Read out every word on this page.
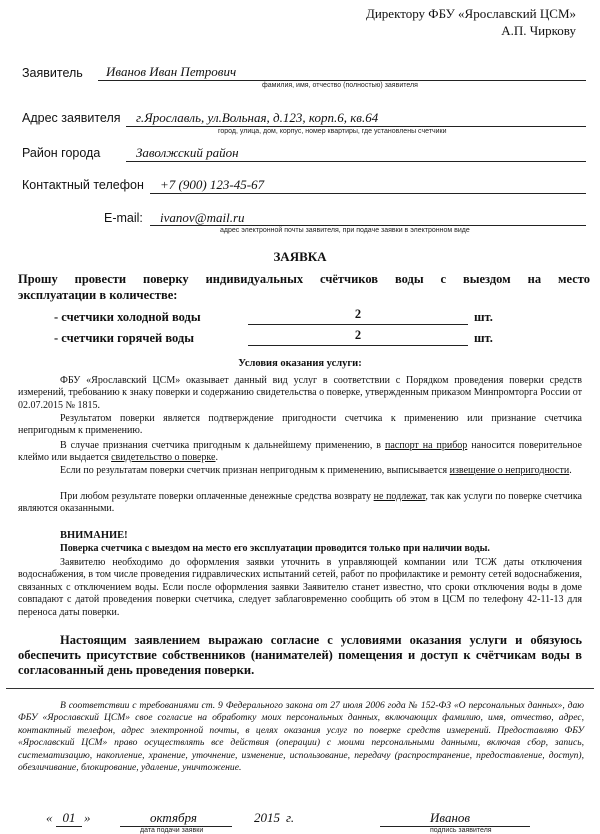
Директору ФБУ «Ярославский ЦСМ»
А.П. Чиркову
Заявитель Иванов Иван Петрович
фамилия, имя, отчество (полностью) заявителя
Адрес заявителя г.Ярославль, ул.Вольная, д.123, корп.6, кв.64
город, улица, дом, корпус, номер квартиры, где установлены счетчики
Район города	Заволжский район
Контактный телефон +7 (900) 123-45-67
E-mail: ivanov@mail.ru
адрес электронной почты заявителя, при подаче заявки в электронном виде
ЗАЯВКА
Прошу провести поверку индивидуальных счётчиков воды с выездом на место
эксплуатации в количестве:
- счетчики холодной воды	2	шт.
- счетчики горячей воды	2	шт.
Условия оказания услуги:
ФБУ «Ярославский ЦСМ» оказывает данный вид услуг в соответствии с Порядком проведения поверки средств измерений, требованию к знаку поверки и содержанию свидетельства о поверке, утвержденным приказом Минпромторга России от 02.07.2015 № 1815.
Результатом поверки является подтверждение пригодности счетчика к применению или признание счетчика непригодным к применению.
В случае признания счетчика пригодным к дальнейшему применению, в паспорт на прибор наносится поверительное клеймо или выдается свидетельство о поверке.
Если по результатам поверки счетчик признан непригодным к применению, выписывается извещение о непригодности.
При любом результате поверки оплаченные денежные средства возврату не подлежат, так как услуги по поверке счетчика являются оказанными.
ВНИМАНИЕ!
Поверка счетчика с выездом на место его эксплуатации проводится только при наличии воды.
Заявителю необходимо до оформления заявки уточнить в управляющей компании или ТСЖ даты отключения водоснабжения, в том числе проведения гидравлических испытаний сетей, работ по профилактике и ремонту сетей водоснабжения, связанных с отключением воды. Если после оформления заявки Заявителю станет известно, что сроки отключения воды в доме совпадают с датой проведения поверки счетчика, следует заблаговременно сообщить об этом в ЦСМ по телефону 42-11-13 для переноса даты поверки.
Настоящим заявлением выражаю согласие с условиями оказания услуги и обязуюсь обеспечить присутствие собственников (нанимателей) помещения и доступ к счётчикам воды в согласованный день проведения поверки.
В соответствии с требованиями ст. 9 Федерального закона от 27 июля 2006 года № 152-ФЗ «О персональных данных», даю ФБУ «Ярославский ЦСМ» свое согласие на обработку моих персональных данных, включающих фамилию, имя, отчество, адрес, контактный телефон, адрес электронной почты, в целях оказания услуг по поверке средств измерений. Предоставляю ФБУ «Ярославский ЦСМ» право осуществлять все действия (операции) с моими персональными данными, включая сбор, запись, систематизацию, накопление, хранение, уточнение, изменение, использование, передачу (распространение, предоставление, доступ), обезличивание, блокирование, удаление, уничтожение.
« 01 »	октября	2015 г.
дата подачи заявки
Иванов
подпись заявителя
